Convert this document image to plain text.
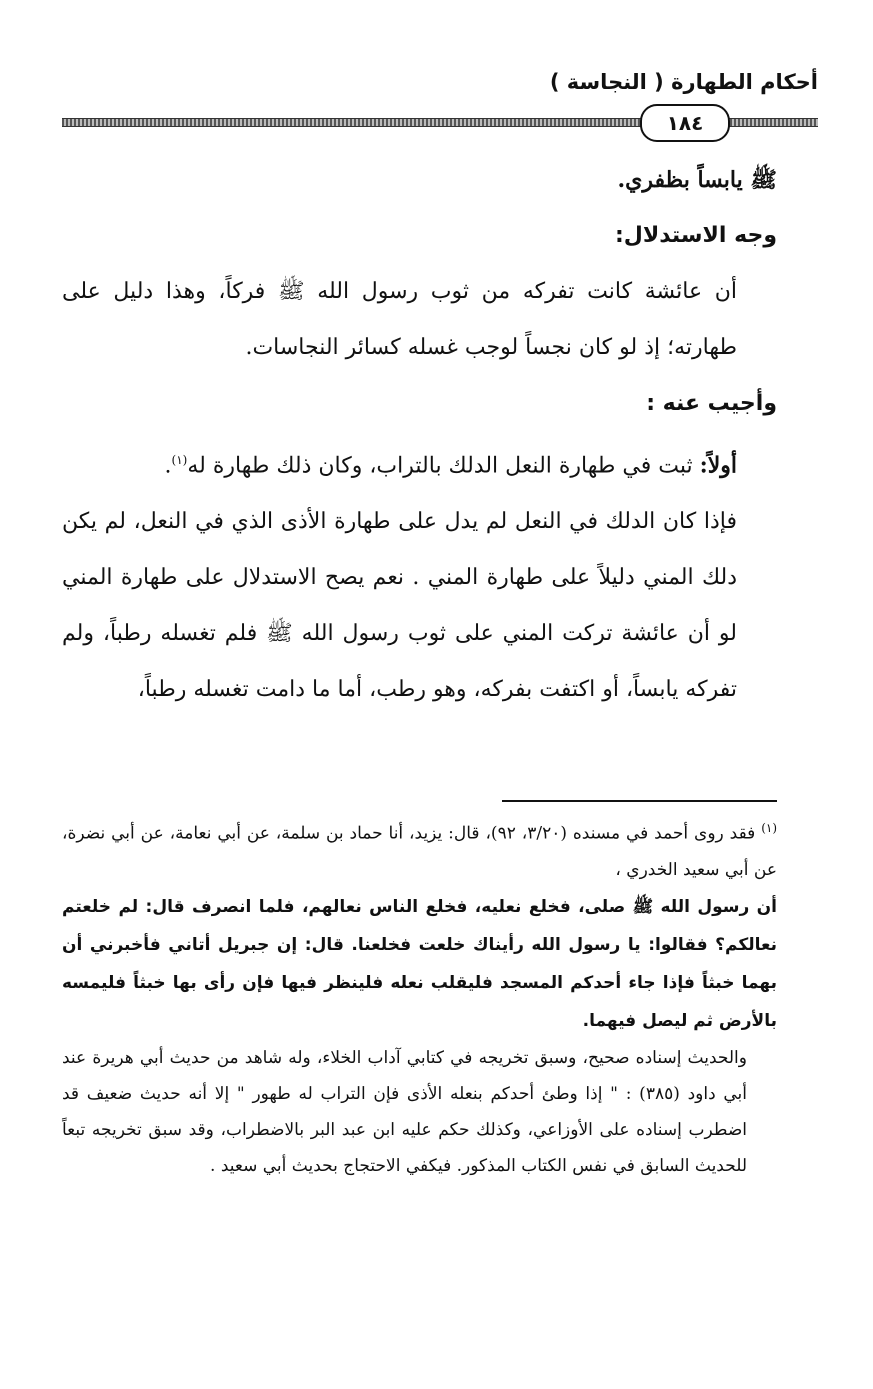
أحكام الطهارة ( النجاسة )
١٨٤

ﷺ يابساً بظفري.

وجه الاستدلال:

أن عائشة كانت تفركه من ثوب رسول الله ﷺ فركاً، وهذا دليل على طهارته؛ إذ لو كان نجساً لوجب غسله كسائر النجاسات.

وأجيب عنه :

أولاً: ثبت في طهارة النعل الدلك بالتراب، وكان ذلك طهارة له$^{(١)}$.

فإذا كان الدلك في النعل لم يدل على طهارة الأذى الذي في النعل، لم يكن دلك المني دليلاً على طهارة المني . نعم يصح الاستدلال على طهارة المني لو أن عائشة تركت المني على ثوب رسول الله ﷺ فلم تغسله رطباً، ولم تفركه يابساً، أو اكتفت بفركه، وهو رطب، أما ما دامت تغسله رطباً،

$^{(١)}$ فقد روى أحمد في مسنده (٣/٢٠، ٩٢)، قال: يزيد، أنا حماد بن سلمة، عن أبي نعامة، عن أبي نضرة، عن أبي سعيد الخدري ،

أن رسول الله ﷺ صلى، فخلع نعليه، فخلع الناس نعالهم، فلما انصرف قال: لم خلعتم نعالكم؟ فقالوا: يا رسول الله رأيناك خلعت فخلعنا. قال: إن جبريل أتاني فأخبرني أن بهما خبثاً فإذا جاء أحدكم المسجد فليقلب نعله فلينظر فيها فإن رأى بها خبثاً فليمسه بالأرض ثم ليصل فيهما.

والحديث إسناده صحيح، وسبق تخريجه في كتابي آداب الخلاء، وله شاهد من حديث أبي هريرة عند أبي داود (٣٨٥) : " إذا وطئ أحدكم بنعله الأذى فإن التراب له طهور " إلا أنه حديث ضعيف قد اضطرب إسناده على الأوزاعي، وكذلك حكم عليه ابن عبد البر بالاضطراب، وقد سبق تخريجه تبعاً للحديث السابق في نفس الكتاب المذكور. فيكفي الاحتجاج بحديث أبي سعيد .
